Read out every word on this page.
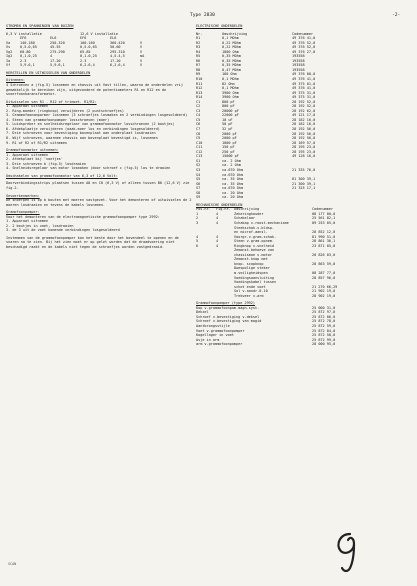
Type 2830	-2-
STROMEN EN SPANNINGEN VAN BUIZEN
6,3 V installatie	12,6 V installatie
EF6	EL6	EF6	EL6
Va	140-180	250-320	100-160	360-420	V
Vs	0,5-0,65	45-55	0,5-0,65	50-60	V
Vg2	60-80	275-290	65-85	295-310	V
Ig2	0,1-0,25	4	0,1-0,25	4,5-4,5	mA
Ia	2-3	17-20	2-3	17-20	V
Vf	5,9-6,1	5,9-6,1	6,2-6,4	6,2-6,4	V
HERSTELLEN EN UITWISSELEN VAN ONDERDELEN
Uitnemen:
4 Schroeven a (fig.5) losnemen en chassis uit Vast tillen, waarna de onderdelen vrij gemakkelijk te bereiken zijn, uitgezonderd de potentiometers R1 en R12 en de snoerfoonkaransformator.
Uitwisselen van R1 - R12 of trimset. R1/R2:
1. Apparaat uitnemen
2. Ring-moeder (ringknop) verwijderen (2 puntschroefjes)
3. Grammofoonompormer losnemen (3 schroefjes losmaken en 2 verbindingen losgesoldeerd)
4. Steen van grammofoonpomper losschroeven (moer)
5. Luidspreker en snelheidsregelaar van grammofoonmotor losschroeven (2 boutjes)
6. Afdekplaatje verwijderen (oaak.moer los en verbindingen losgesoldeerd)
7. Drie schroeven voor bevestiging bovenplaat aan onderplaat losdraaien
8. Wijf schroeven, waarmee chassis aan bovenplaat bevestigd is, losnemen
9. R1 of R2 of R1/R2 uitnemen
Grammofoonmotor uitnemen:
1. Apparaat uitnemen
2. Afdekplaat bij 'voetjes'
3. Drie schroeven b (fig.5) losdraaien
4. Snelheidsregelaar van motor losmaken (door schroef c (fig.5) los te draaien
Omschakelen van grammofoonmotor van 6,3 of 12,6 Volt:
Doorverbindingsstrips plaatsen tussen A0 en C0 (6,3 V) of alleen tussen B0 (12,6 V) zie fig.2.
Gevoerkenmerken:
De snoerpen is op b bouten met moeren vastgezet. Voor het demonteren of uitwisselen de 2 moeren losdraaien en tevens de kabels losnemen.
Gramofoonpomper:
Voor het demonteren van de electromagnetische grammofoonpomper type 2992:
1. Apparaat uitnemen
2. 2 boutjes in voet, losdraaien
3. de 3 uit de voet komende verbindingen losgesoldeerd
Instemmen van de grammofoonpomper kan het beste door het bovendeel te openen en de snaren na te zien. Bij het zien moet er op gelet worden dat de draadvoering niet beschadigd raakt en de kabels niet tegen de schroefjes worden vastgedraaid.
ELECTRISCHE ONDERDELEN
Nr.	Omschrijving	Codenummer
R1	0,1 MOhm	49 376 41,0
R2	0,22 MOhm	49 376 52,0
R3	0,22 MOhm	49 376 52,0
R4	1800 Ohm	49 376 27,0
R5	0,35 MOhm	193558
R6	0,35 MOhm	193558
R7	0,35 MOhm	193558
R8	0,47 MOhm	193558
R9	160 Ohm	49 376 00,0
R10	0,1 MOhm	49 376 41,0
R11	82 Ohm	49 375 01,0
R12	0,1 MOhm	49 376 41,0
R13	3900 Ohm	49 375 31,0
R14	3900 Ohm	49 375 31,0
C1	800 pF	28 192 52,0
C2	800 pF	28 192 52,0
C3	20000 pF	28 192 62,0
C4	22000 pF	49 121 17,0
C5	10 uF	28 182 16,0
C6	50 pF	28 182 16,0
C7	32 pF	28 192 56,0
C8	2000 pF	28 192 56,0
C9	2000 pF	28 192 50,0
C10	1000 pF	28 169 57,0
C11	150 pF	28 195 23,0
C12	250 pF	28 195 23,0
C13	15000 pF	49 128 16,0
S1	ca. 2 Ohm
S2	ca. 2 Ohm
S3	ca.670 Ohm	21 335 76,0
S4	ca.670 Ohm
S5	ca. 35 Ohm	81 300 39,1
S6	ca. 35 Ohm	21 300 39,1
S7	ca.670 Ohm	21 325 17,1
S8	ca. 20 Ohm
S9	ca. 20 Ohm
MECHANISCHE ONDERDELEN
Pos.nr.	Fig.nr. Omschrijving	Codenummer
1	4	Zekeringhouder	08 177 00,0
2	4	Schakelaar	25 561 82,1
3	4	Schakap v.roost.mechanisme	09 253 05,0
Steekschak.v.bldsp.
en microf.aansl.	28 852 12,0
4	4	Voorgr.v.gram.schak.	81 990 51,0
5	4	Steen v.gram.opnem.	28 861 36,1
6	4	Ringknop v.snelheid	23 871 05,0
Zemonst.behoeve van
chassismoe v.motor	28 826 03,0
Zemonst.knop met
knop. scopknop	28 863 59,0
Dwespolige steker
m.veiligheidspen	08 287 77,0
Voedingsaansluiting	28 857 96,0
Voedingskabel tussen
schot ende voet	21 270 66,29
Sol v.aandr.0.10	21 902 19,0
Trekveer v.arm	28 902 19,0
Grammofoonpomper (type 2992)
Kop v.grammofoonpom.magn.syst.	25 000 31,0
Dekzel	25 872 97,0
Schroef v.bevestiging v.deksel	25 872 86,0
Schroef v.bevestiging van magid	25 872 78,0
Aantbrongsstijle	25 872 59,0
Voet v.grammofoonpomper	25 872 84,0
Kogellager in voet	25 872 58,0
Asje in arm	25 872 99,0
arm v.grammofoonpomper	28 000 95,0
SCAN
